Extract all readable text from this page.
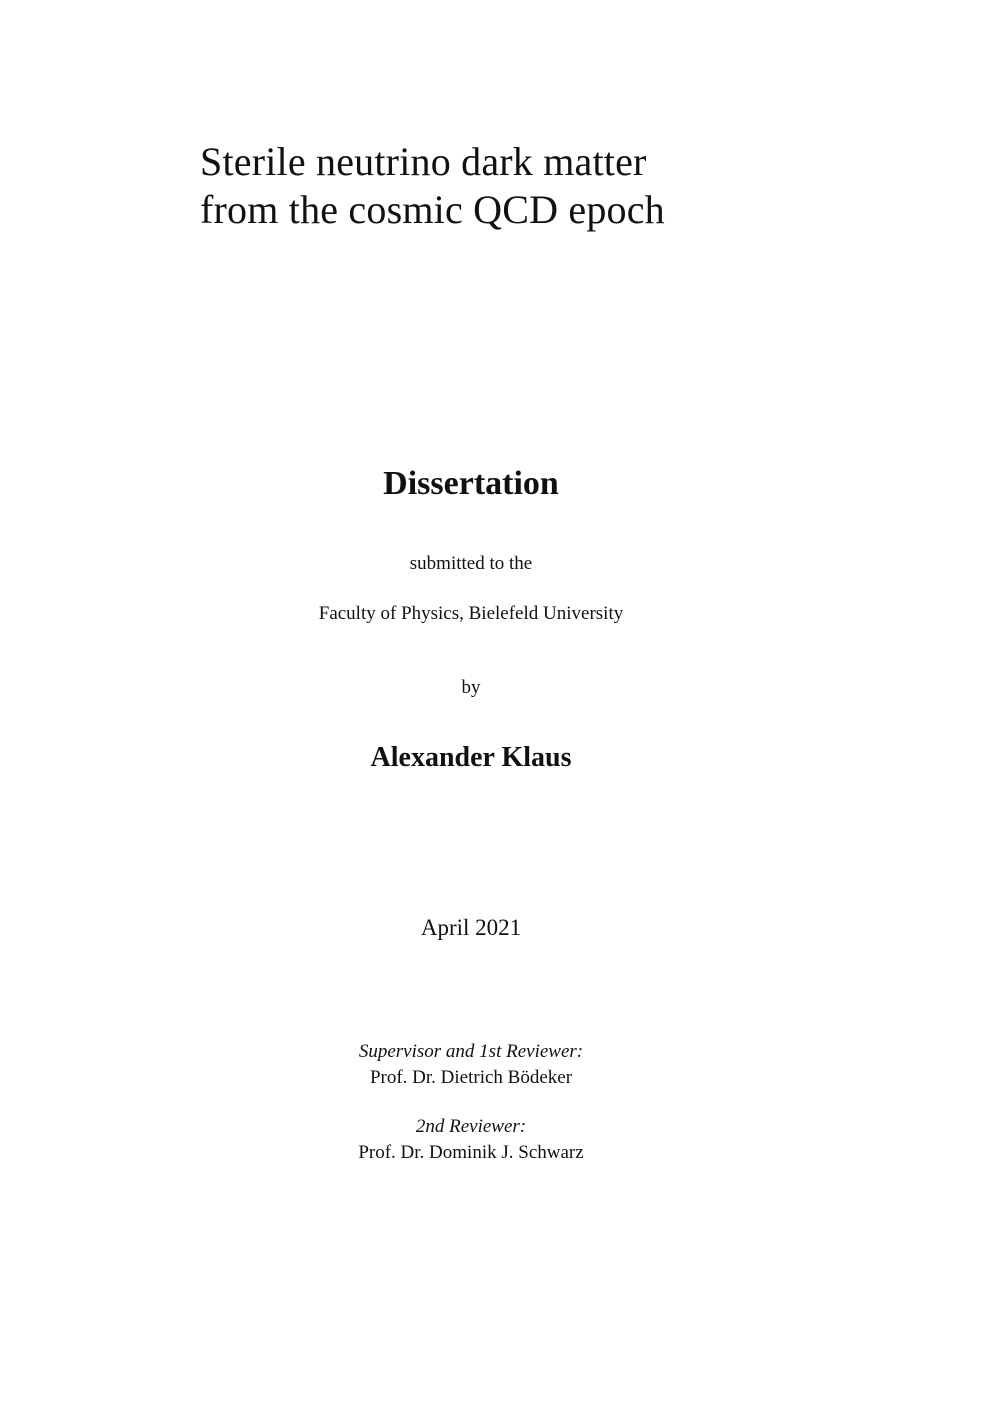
Sterile neutrino dark matter
from the cosmic QCD epoch
Dissertation
submitted to the
Faculty of Physics, Bielefeld University
by
Alexander Klaus
April 2021
Supervisor and 1st Reviewer:
Prof. Dr. Dietrich Bödeker
2nd Reviewer:
Prof. Dr. Dominik J. Schwarz
